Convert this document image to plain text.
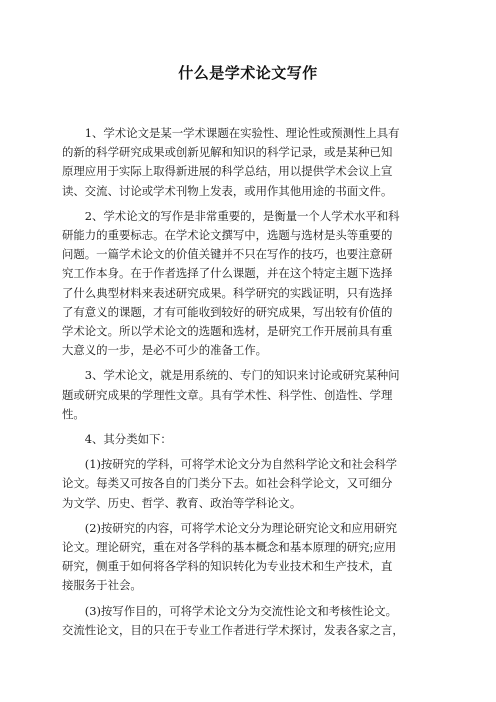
什么是学术论文写作

　　1、学术论文是某一学术课题在实验性、理论性或预测性上具有
的新的科学研究成果或创新见解和知识的科学记录，或是某种已知
原理应用于实际上取得新进展的科学总结，用以提供学术会议上宣
读、交流、讨论或学术刊物上发表，或用作其他用途的书面文件。

　　2、学术论文的写作是非常重要的，是衡量一个人学术水平和科
研能力的重要标志。在学术论文撰写中，选题与选材是头等重要的
问题。一篇学术论文的价值关键并不只在写作的技巧，也要注意研
究工作本身。在于作者选择了什么课题，并在这个特定主题下选择
了什么典型材料来表述研究成果。科学研究的实践证明，只有选择
了有意义的课题，才有可能收到较好的研究成果，写出较有价值的
学术论文。所以学术论文的选题和选材，是研究工作开展前具有重
大意义的一步，是必不可少的准备工作。

　　3、学术论文，就是用系统的、专门的知识来讨论或研究某种问
题或研究成果的学理性文章。具有学术性、科学性、创造性、学理
性。

　　4、其分类如下：

　　(1)按研究的学科，可将学术论文分为自然科学论文和社会科学
论文。每类又可按各自的门类分下去。如社会科学论文，又可细分
为文学、历史、哲学、教育、政治等学科论文。

　　(2)按研究的内容，可将学术论文分为理论研究论文和应用研究
论文。理论研究，重在对各学科的基本概念和基本原理的研究;应用
研究，侧重于如何将各学科的知识转化为专业技术和生产技术，直
接服务于社会。

　　(3)按写作目的，可将学术论文分为交流性论文和考核性论文。
交流性论文，目的只在于专业工作者进行学术探讨，发表各家之言，
